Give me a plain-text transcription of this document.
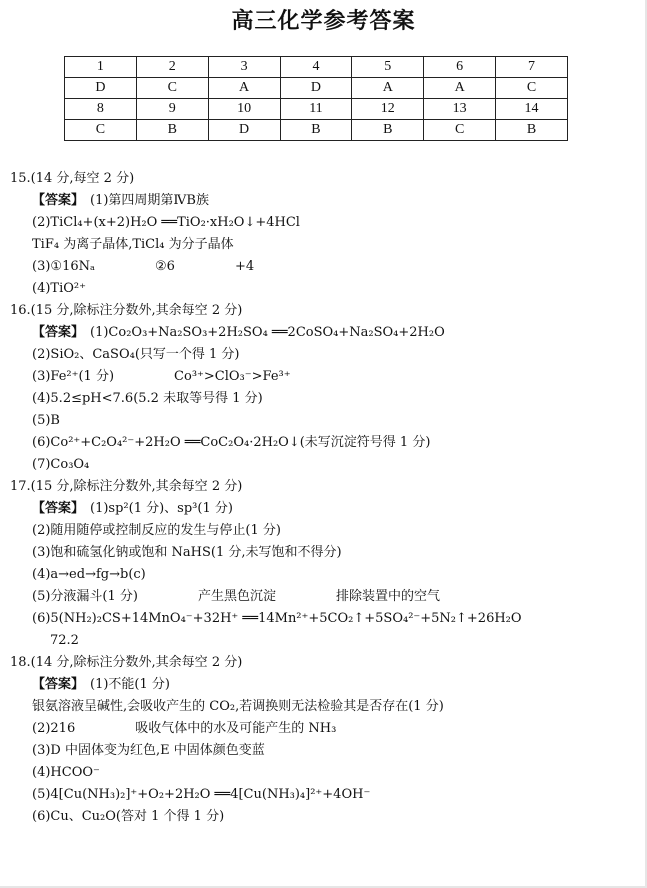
高三化学参考答案
1	2	3	4	5	6	7
D	C	A	D	A	A	C
8	9	10	11	12	13	14
C	B	D	B	B	C	B
15.(14 分,每空 2 分)
【答案】 (1)第四周期第ⅣB族
(2)TiCl₄+(x+2)H₂O ══TiO₂·xH₂O↓+4HCl
TiF₄ 为离子晶体,TiCl₄ 为分子晶体
(3)①16Nₐ	②6	+4
(4)TiO²⁺
16.(15 分,除标注分数外,其余每空 2 分)
【答案】 (1)Co₂O₃+Na₂SO₃+2H₂SO₄ ══2CoSO₄+Na₂SO₄+2H₂O
(2)SiO₂、CaSO₄(只写一个得 1 分)
(3)Fe²⁺(1 分)	Co³⁺>ClO₃⁻>Fe³⁺
(4)5.2≤pH<7.6(5.2 未取等号得 1 分)
(5)B
(6)Co²⁺+C₂O₄²⁻+2H₂O ══CoC₂O₄·2H₂O↓(未写沉淀符号得 1 分)
(7)Co₃O₄
17.(15 分,除标注分数外,其余每空 2 分)
【答案】 (1)sp²(1 分)、sp³(1 分)
(2)随用随停或控制反应的发生与停止(1 分)
(3)饱和硫氢化钠或饱和 NaHS(1 分,未写饱和不得分)
(4)a→ed→fg→b(c)
(5)分液漏斗(1 分)	产生黑色沉淀	排除装置中的空气
(6)5(NH₂)₂CS+14MnO₄⁻+32H⁺ ══14Mn²⁺+5CO₂↑+5SO₄²⁻+5N₂↑+26H₂O
72.2
18.(14 分,除标注分数外,其余每空 2 分)
【答案】 (1)不能(1 分)
银氨溶液呈碱性,会吸收产生的 CO₂,若调换则无法检验其是否存在(1 分)
(2)216	吸收气体中的水及可能产生的 NH₃
(3)D 中固体变为红色,E 中固体颜色变蓝
(4)HCOO⁻
(5)4[Cu(NH₃)₂]⁺+O₂+2H₂O ══4[Cu(NH₃)₄]²⁺+4OH⁻
(6)Cu、Cu₂O(答对 1 个得 1 分)
